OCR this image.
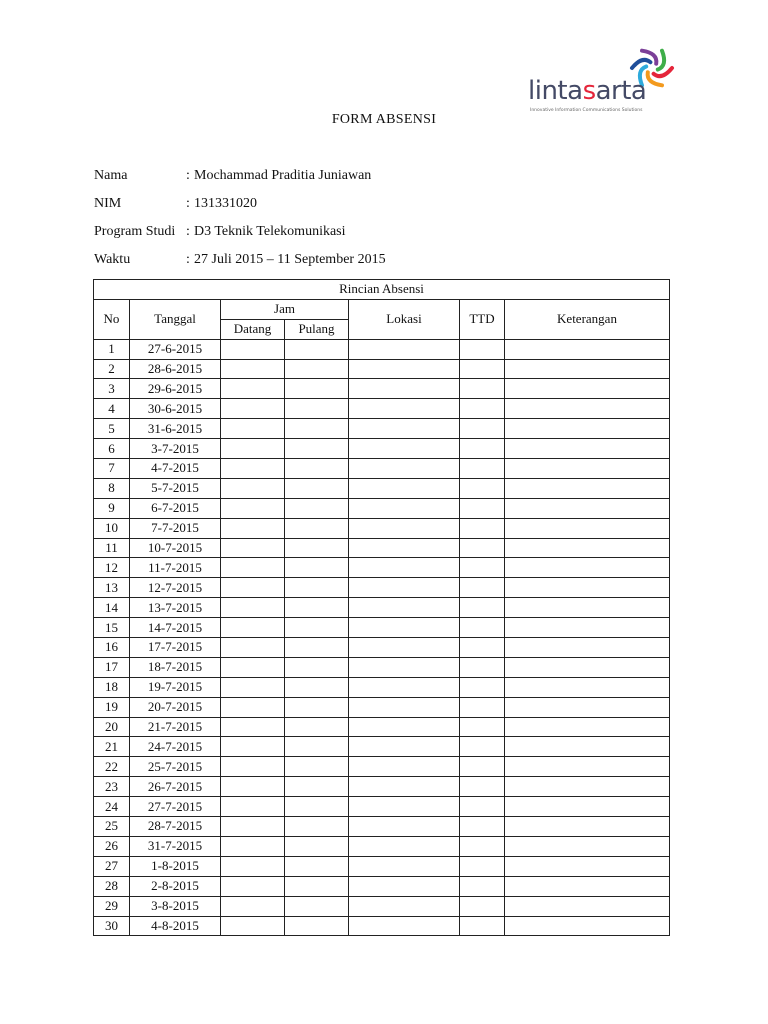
lintasarta
Innovative Information Communications Solutions
FORM ABSENSI
Nama	: Mochammad Praditia Juniawan
NIM	: 131331020
Program Studi : D3 Teknik Telekomunikasi
Waktu	: 27 Juli 2015 – 11 September 2015
Rincian Absensi						
No	Tanggal	Jam		Lokasi	TTD	Keterangan
		Datang	Pulang			
1	27-6-2015					
2	28-6-2015					
3	29-6-2015					
4	30-6-2015					
5	31-6-2015					
6	3-7-2015					
7	4-7-2015					
8	5-7-2015					
9	6-7-2015					
10	7-7-2015					
11	10-7-2015					
12	11-7-2015					
13	12-7-2015					
14	13-7-2015					
15	14-7-2015					
16	17-7-2015					
17	18-7-2015					
18	19-7-2015					
19	20-7-2015					
20	21-7-2015					
21	24-7-2015					
22	25-7-2015					
23	26-7-2015					
24	27-7-2015					
25	28-7-2015					
26	31-7-2015					
27	1-8-2015					
28	2-8-2015					
29	3-8-2015					
30	4-8-2015					
